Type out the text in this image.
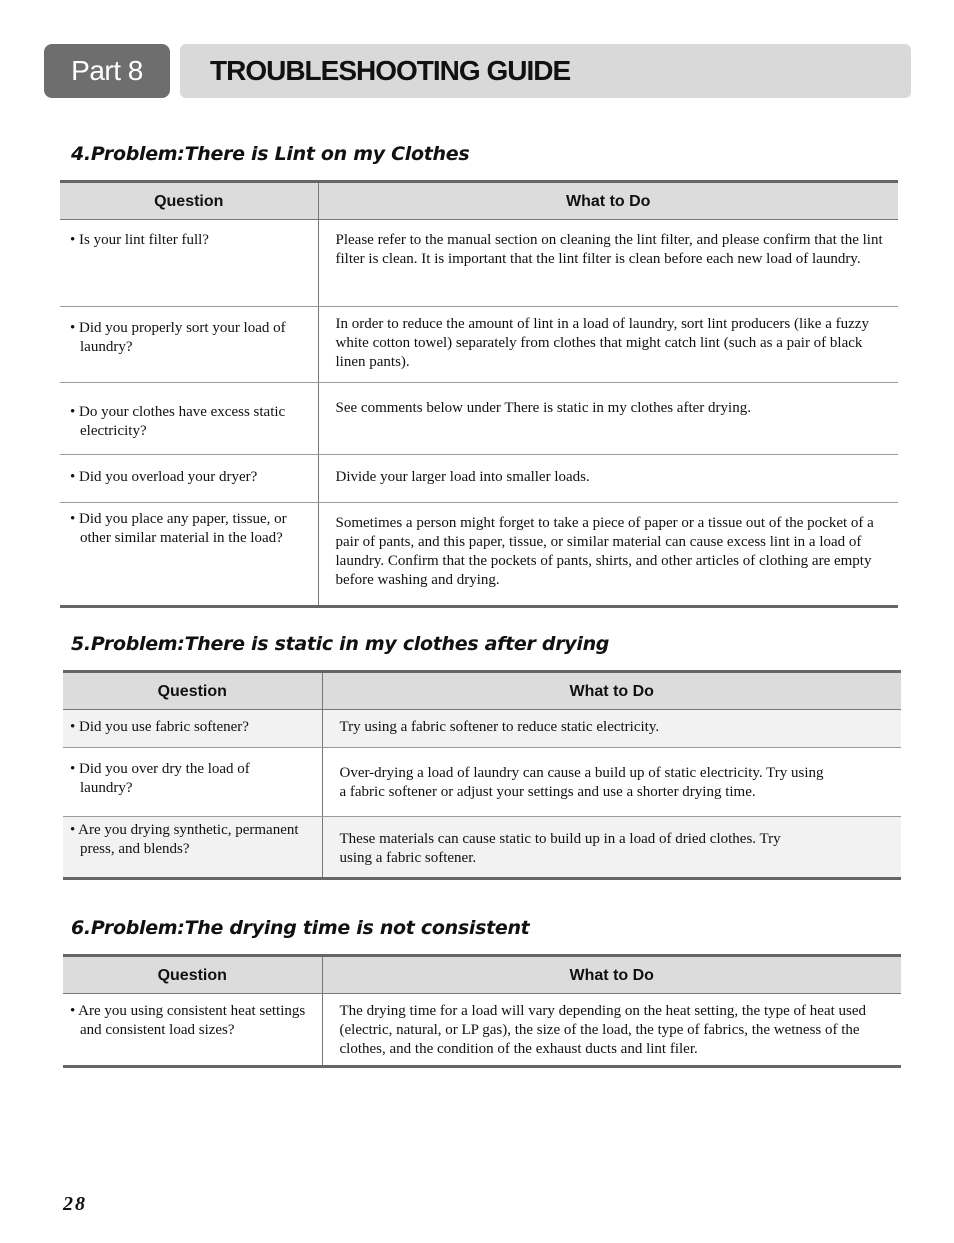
Part 8 TROUBLESHOOTING GUIDE
4.Problem:There is Lint on my Clothes
Question	What to Do

• Is your lint filter full?	Please refer to the manual section on cleaning the lint filter, and please confirm that the lint filter is clean. It is important that the lint filter is clean before each new load of laundry.

• Did you properly sort your load of laundry?	In order to reduce the amount of lint in a load of laundry, sort lint producers (like a fuzzy white cotton towel) separately from clothes that might catch lint (such as a pair of black linen pants).

• Do your clothes have excess static electricity?	See comments below under There is static in my clothes after drying.

• Did you overload your dryer?	Divide your larger load into smaller loads.

• Did you place any paper, tissue, or other similar material in the load?	Sometimes a person might forget to take a piece of paper or a tissue out of the pocket of a pair of pants, and this paper, tissue, or similar material can cause excess lint in a load of laundry. Confirm that the pockets of pants, shirts, and other articles of clothing are empty before washing and drying.
5.Problem:There is static in my clothes after drying
Question	What to Do

• Did you use fabric softener?	Try using a fabric softener to reduce static electricity.

• Did you over dry the load of laundry?	Over-drying a load of laundry can cause a build up of static electricity. Try using a fabric softener or adjust your settings and use a shorter drying time.

• Are you drying synthetic, permanent press, and blends?	These materials can cause static to build up in a load of dried clothes. Try using a fabric softener.
6.Problem:The drying time is not consistent
Question	What to Do

• Are you using consistent heat settings and consistent load sizes?	The drying time for a load will vary depending on the heat setting, the type of heat used (electric, natural, or LP gas), the size of the load, the type of fabrics, the wetness of the clothes, and the condition of the exhaust ducts and lint filer.
28
